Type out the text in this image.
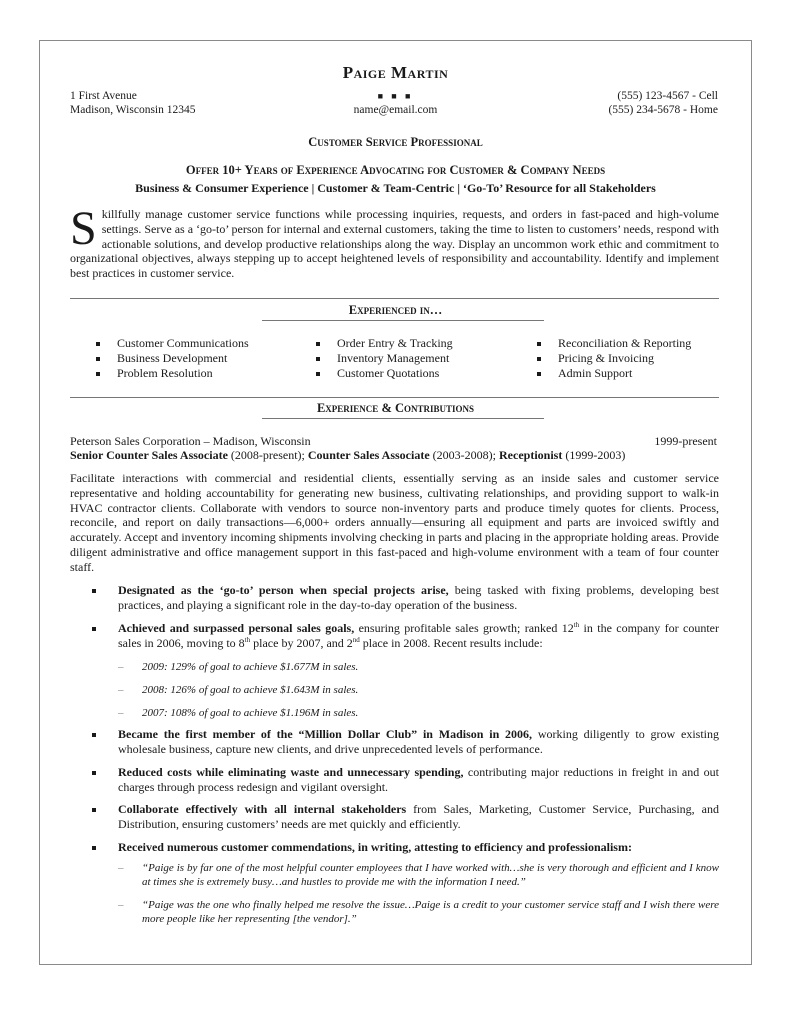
Paige Martin
1 First Avenue
Madison, Wisconsin 12345
■ ■ ■
name@email.com
(555) 123-4567 - Cell
(555) 234-5678 - Home
Customer Service Professional
Offer 10+ Years of Experience Advocating for Customer & Company Needs
Business & Consumer Experience | Customer & Team-Centric | ‘Go-To’ Resource for all Stakeholders
Skillfully manage customer service functions while processing inquiries, requests, and orders in fast-paced and high-volume settings. Serve as a ‘go-to’ person for internal and external customers, taking the time to listen to customers’ needs, respond with actionable solutions, and develop productive relationships along the way. Display an uncommon work ethic and commitment to organizational objectives, always stepping up to accept heightened levels of responsibility and accountability. Identify and implement best practices in customer service.
Experienced in…
Customer Communications
Business Development
Problem Resolution
Order Entry & Tracking
Inventory Management
Customer Quotations
Reconciliation & Reporting
Pricing & Invoicing
Admin Support
Experience & Contributions
Peterson Sales Corporation – Madison, Wisconsin	1999-present
Senior Counter Sales Associate (2008-present); Counter Sales Associate (2003-2008); Receptionist (1999-2003)
Facilitate interactions with commercial and residential clients, essentially serving as an inside sales and customer service representative and holding accountability for generating new business, cultivating relationships, and providing support to walk-in HVAC contractor clients. Collaborate with vendors to source non-inventory parts and produce timely quotes for clients. Process, reconcile, and report on daily transactions—6,000+ orders annually—ensuring all equipment and parts are invoiced swiftly and accurately. Accept and inventory incoming shipments involving checking in parts and placing in the appropriate holding areas. Provide diligent administrative and office management support in this fast-paced and high-volume environment with a team of four counter staff.
Designated as the ‘go-to’ person when special projects arise, being tasked with fixing problems, developing best practices, and playing a significant role in the day-to-day operation of the business.
Achieved and surpassed personal sales goals, ensuring profitable sales growth; ranked 12th in the company for counter sales in 2006, moving to 8th place by 2007, and 2nd place in 2008. Recent results include:
– 2009: 129% of goal to achieve $1.677M in sales.
– 2008: 126% of goal to achieve $1.643M in sales.
– 2007: 108% of goal to achieve $1.196M in sales.
Became the first member of the “Million Dollar Club” in Madison in 2006, working diligently to grow existing wholesale business, capture new clients, and drive unprecedented levels of performance.
Reduced costs while eliminating waste and unnecessary spending, contributing major reductions in freight in and out charges through process redesign and vigilant oversight.
Collaborate effectively with all internal stakeholders from Sales, Marketing, Customer Service, Purchasing, and Distribution, ensuring customers’ needs are met quickly and efficiently.
Received numerous customer commendations, in writing, attesting to efficiency and professionalism:
– “Paige is by far one of the most helpful counter employees that I have worked with…she is very thorough and efficient and I know at times she is extremely busy…and hustles to provide me with the information I need.”
– “Paige was the one who finally helped me resolve the issue…Paige is a credit to your customer service staff and I wish there were more people like her representing [the vendor].”
